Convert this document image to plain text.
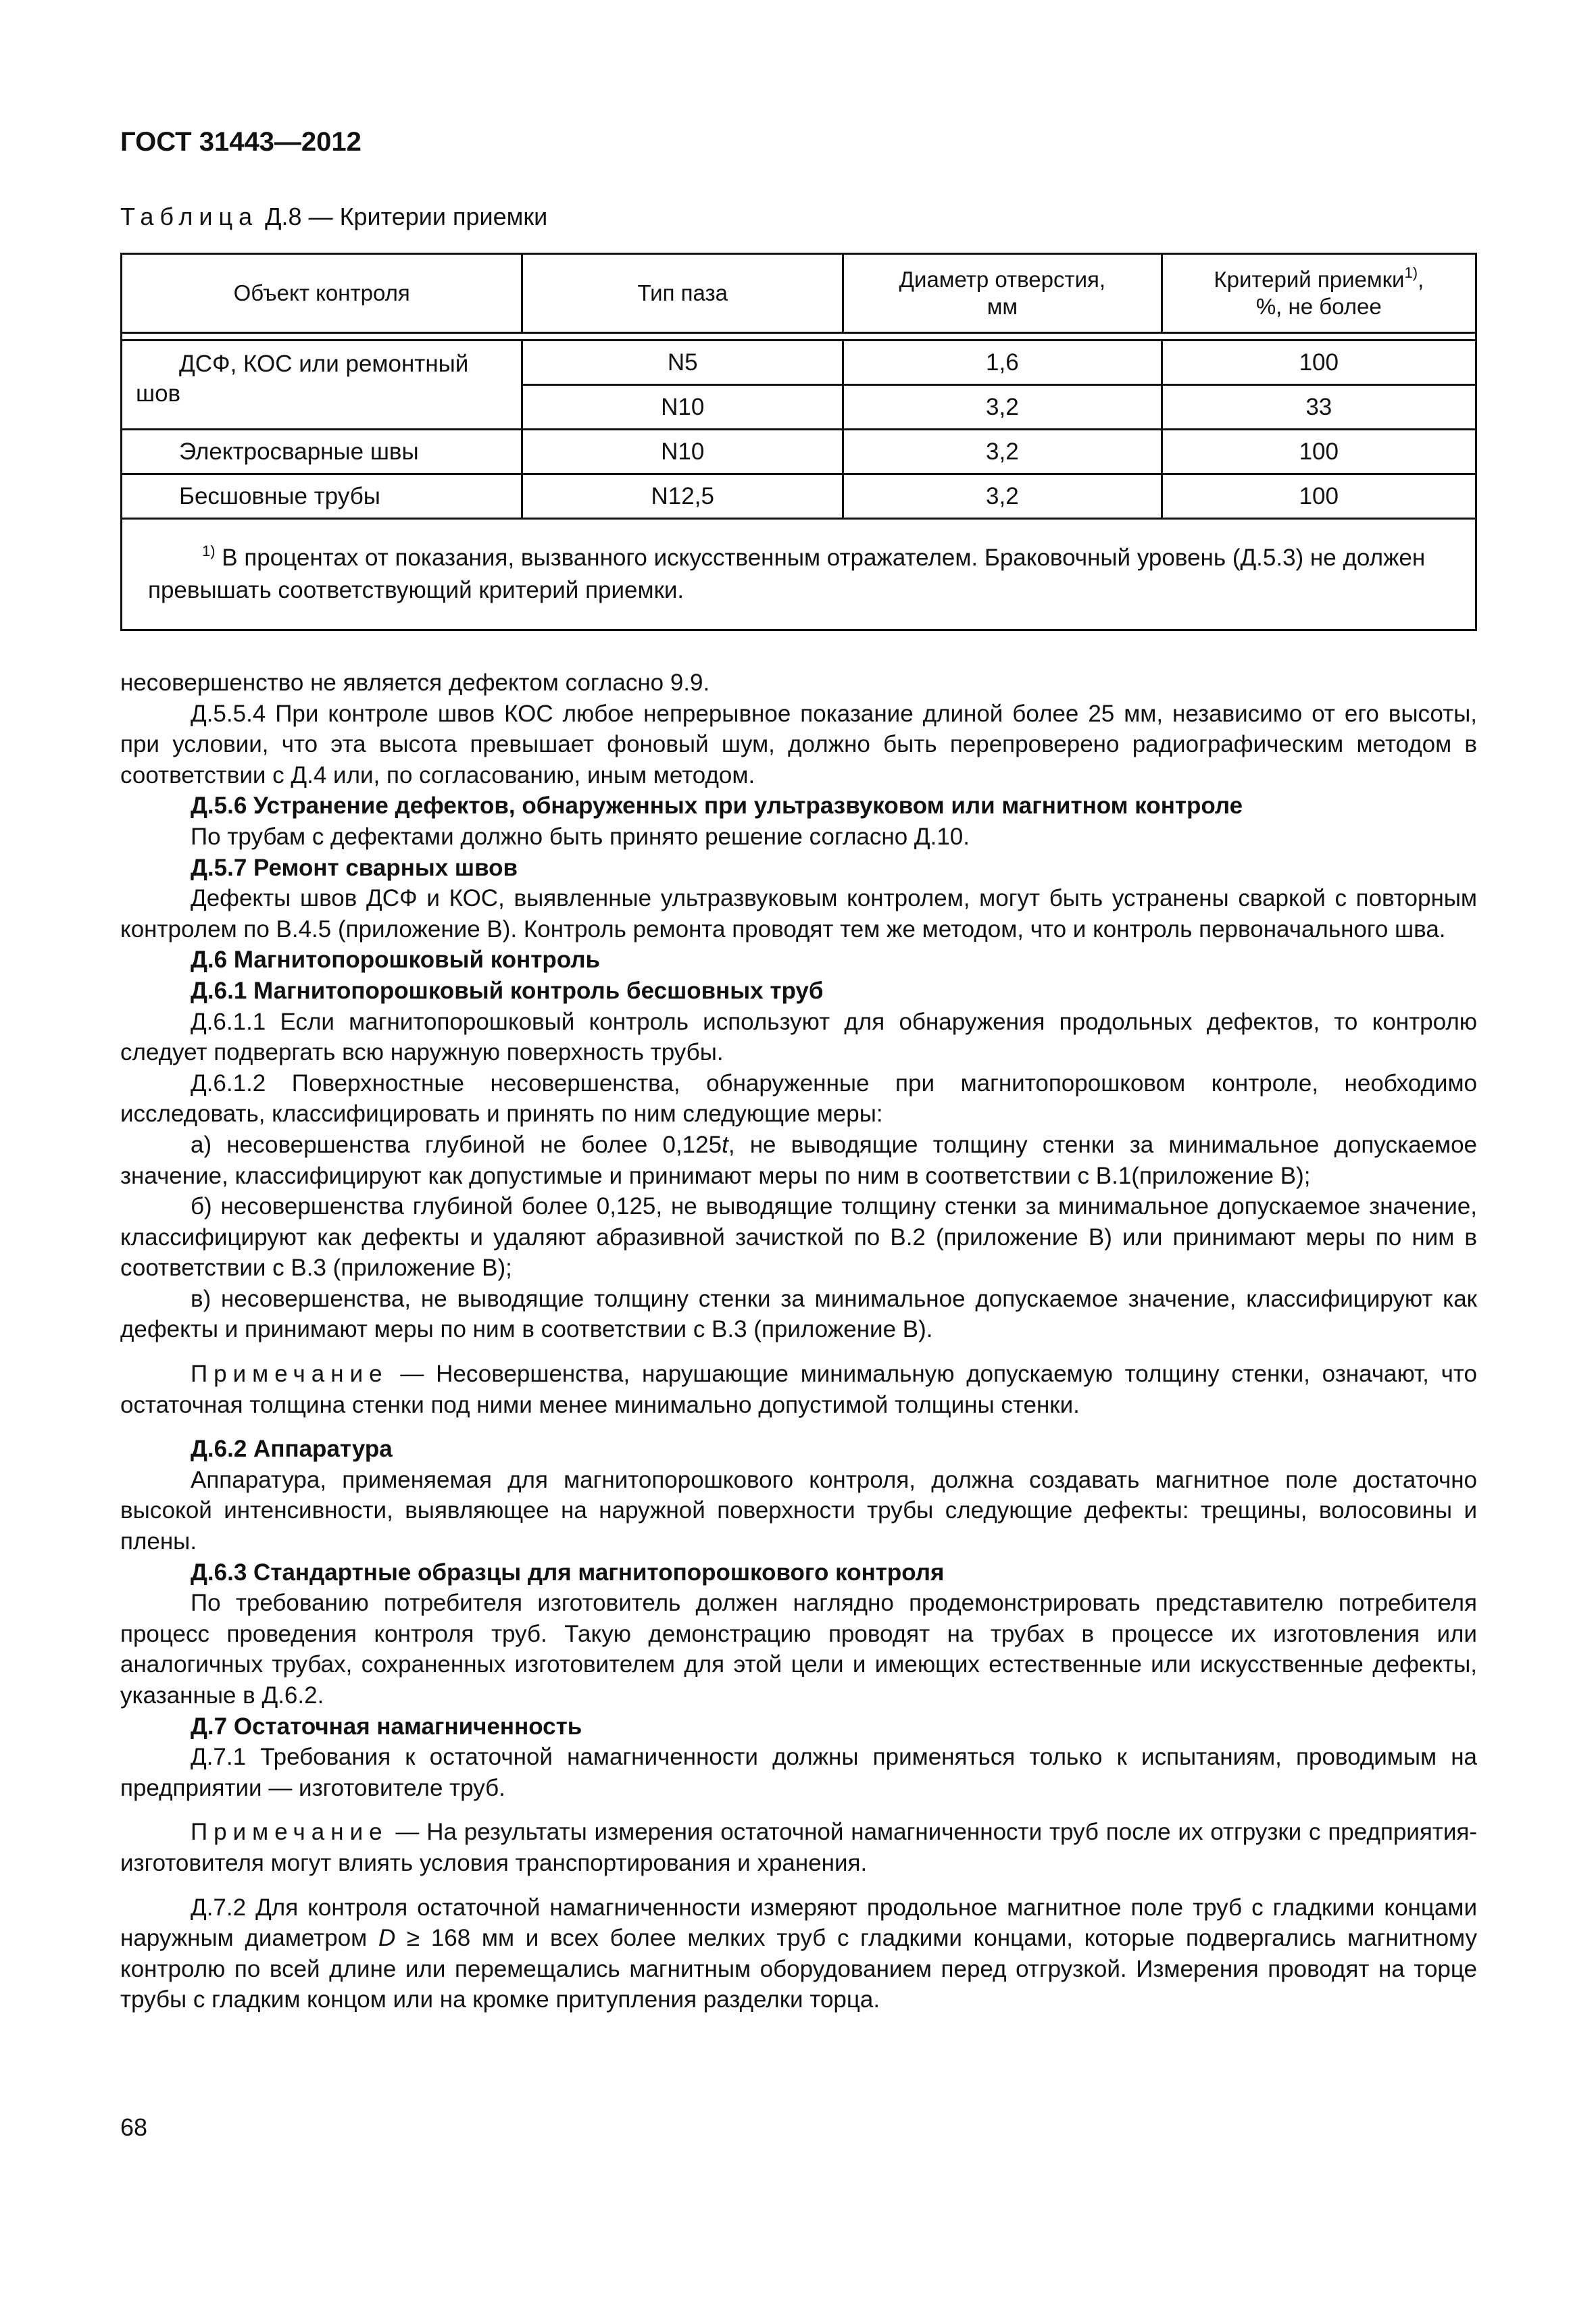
ГОСТ 31443—2012
Таблица Д.8 — Критерии приемки
Объект контроля	Тип паза	Диаметр отверстия, мм	Критерий приемки$^{1)}$, %, не более

ДСФ, КОС или ремонтный шов	N5	1,6	100
	N10	3,2	33
Электросварные швы	N10	3,2	100
Бесшовные трубы	N12,5	3,2	100
$^{1)}$ В процентах от показания, вызванного искусственным отражателем. Браковочный уровень (Д.5.3) не должен превышать соответствующий критерий приемки.			

несовершенство не является дефектом согласно 9.9.

Д.5.5.4 При контроле швов КОС любое непрерывное показание длиной более 25 мм, независимо от его высоты, при условии, что эта высота превышает фоновый шум, должно быть перепроверено радиографическим методом в соответствии с Д.4 или, по согласованию, иным методом.

Д.5.6 Устранение дефектов, обнаруженных при ультразвуковом или магнитном контроле

По трубам с дефектами должно быть принято решение согласно Д.10.

Д.5.7 Ремонт сварных швов

Дефекты швов ДСФ и КОС, выявленные ультразвуковым контролем, могут быть устранены сваркой с повторным контролем по В.4.5 (приложение В). Контроль ремонта проводят тем же методом, что и контроль первоначального шва.

Д.6 Магнитопорошковый контроль

Д.6.1 Магнитопорошковый контроль бесшовных труб

Д.6.1.1 Если магнитопорошковый контроль используют для обнаружения продольных дефектов, то контролю следует подвергать всю наружную поверхность трубы.

Д.6.1.2 Поверхностные несовершенства, обнаруженные при магнитопорошковом контроле, необходимо исследовать, классифицировать и принять по ним следующие меры:

а) несовершенства глубиной не более 0,125t, не выводящие толщину стенки за минимальное допускаемое значение, классифицируют как допустимые и принимают меры по ним в соответствии с В.1(приложение В);

б) несовершенства глубиной более 0,125, не выводящие толщину стенки за минимальное допускаемое значение, классифицируют как дефекты и удаляют абразивной зачисткой по В.2 (приложение В) или принимают меры по ним в соответствии с В.3 (приложение В);

в) несовершенства, не выводящие толщину стенки за минимальное допускаемое значение, классифицируют как дефекты и принимают меры по ним в соответствии с В.3 (приложение В).

Примечание — Несовершенства, нарушающие минимальную допускаемую толщину стенки, означают, что остаточная толщина стенки под ними менее минимально допустимой толщины стенки.

Д.6.2 Аппаратура

Аппаратура, применяемая для магнитопорошкового контроля, должна создавать магнитное поле достаточно высокой интенсивности, выявляющее на наружной поверхности трубы следующие дефекты: трещины, волосовины и плены.

Д.6.3 Стандартные образцы для магнитопорошкового контроля

По требованию потребителя изготовитель должен наглядно продемонстрировать представителю потребителя процесс проведения контроля труб. Такую демонстрацию проводят на трубах в процессе их изготовления или аналогичных трубах, сохраненных изготовителем для этой цели и имеющих естественные или искусственные дефекты, указанные в Д.6.2.

Д.7 Остаточная намагниченность

Д.7.1 Требования к остаточной намагниченности должны применяться только к испытаниям, проводимым на предприятии — изготовителе труб.

Примечание — На результаты измерения остаточной намагниченности труб после их отгрузки с предприятия-изготовителя могут влиять условия транспортирования и хранения.

Д.7.2 Для контроля остаточной намагниченности измеряют продольное магнитное поле труб с гладкими концами наружным диаметром D ≥ 168 мм и всех более мелких труб с гладкими концами, которые подвергались магнитному контролю по всей длине или перемещались магнитным оборудованием перед отгрузкой. Измерения проводят на торце трубы с гладким концом или на кромке притупления разделки торца.

68
